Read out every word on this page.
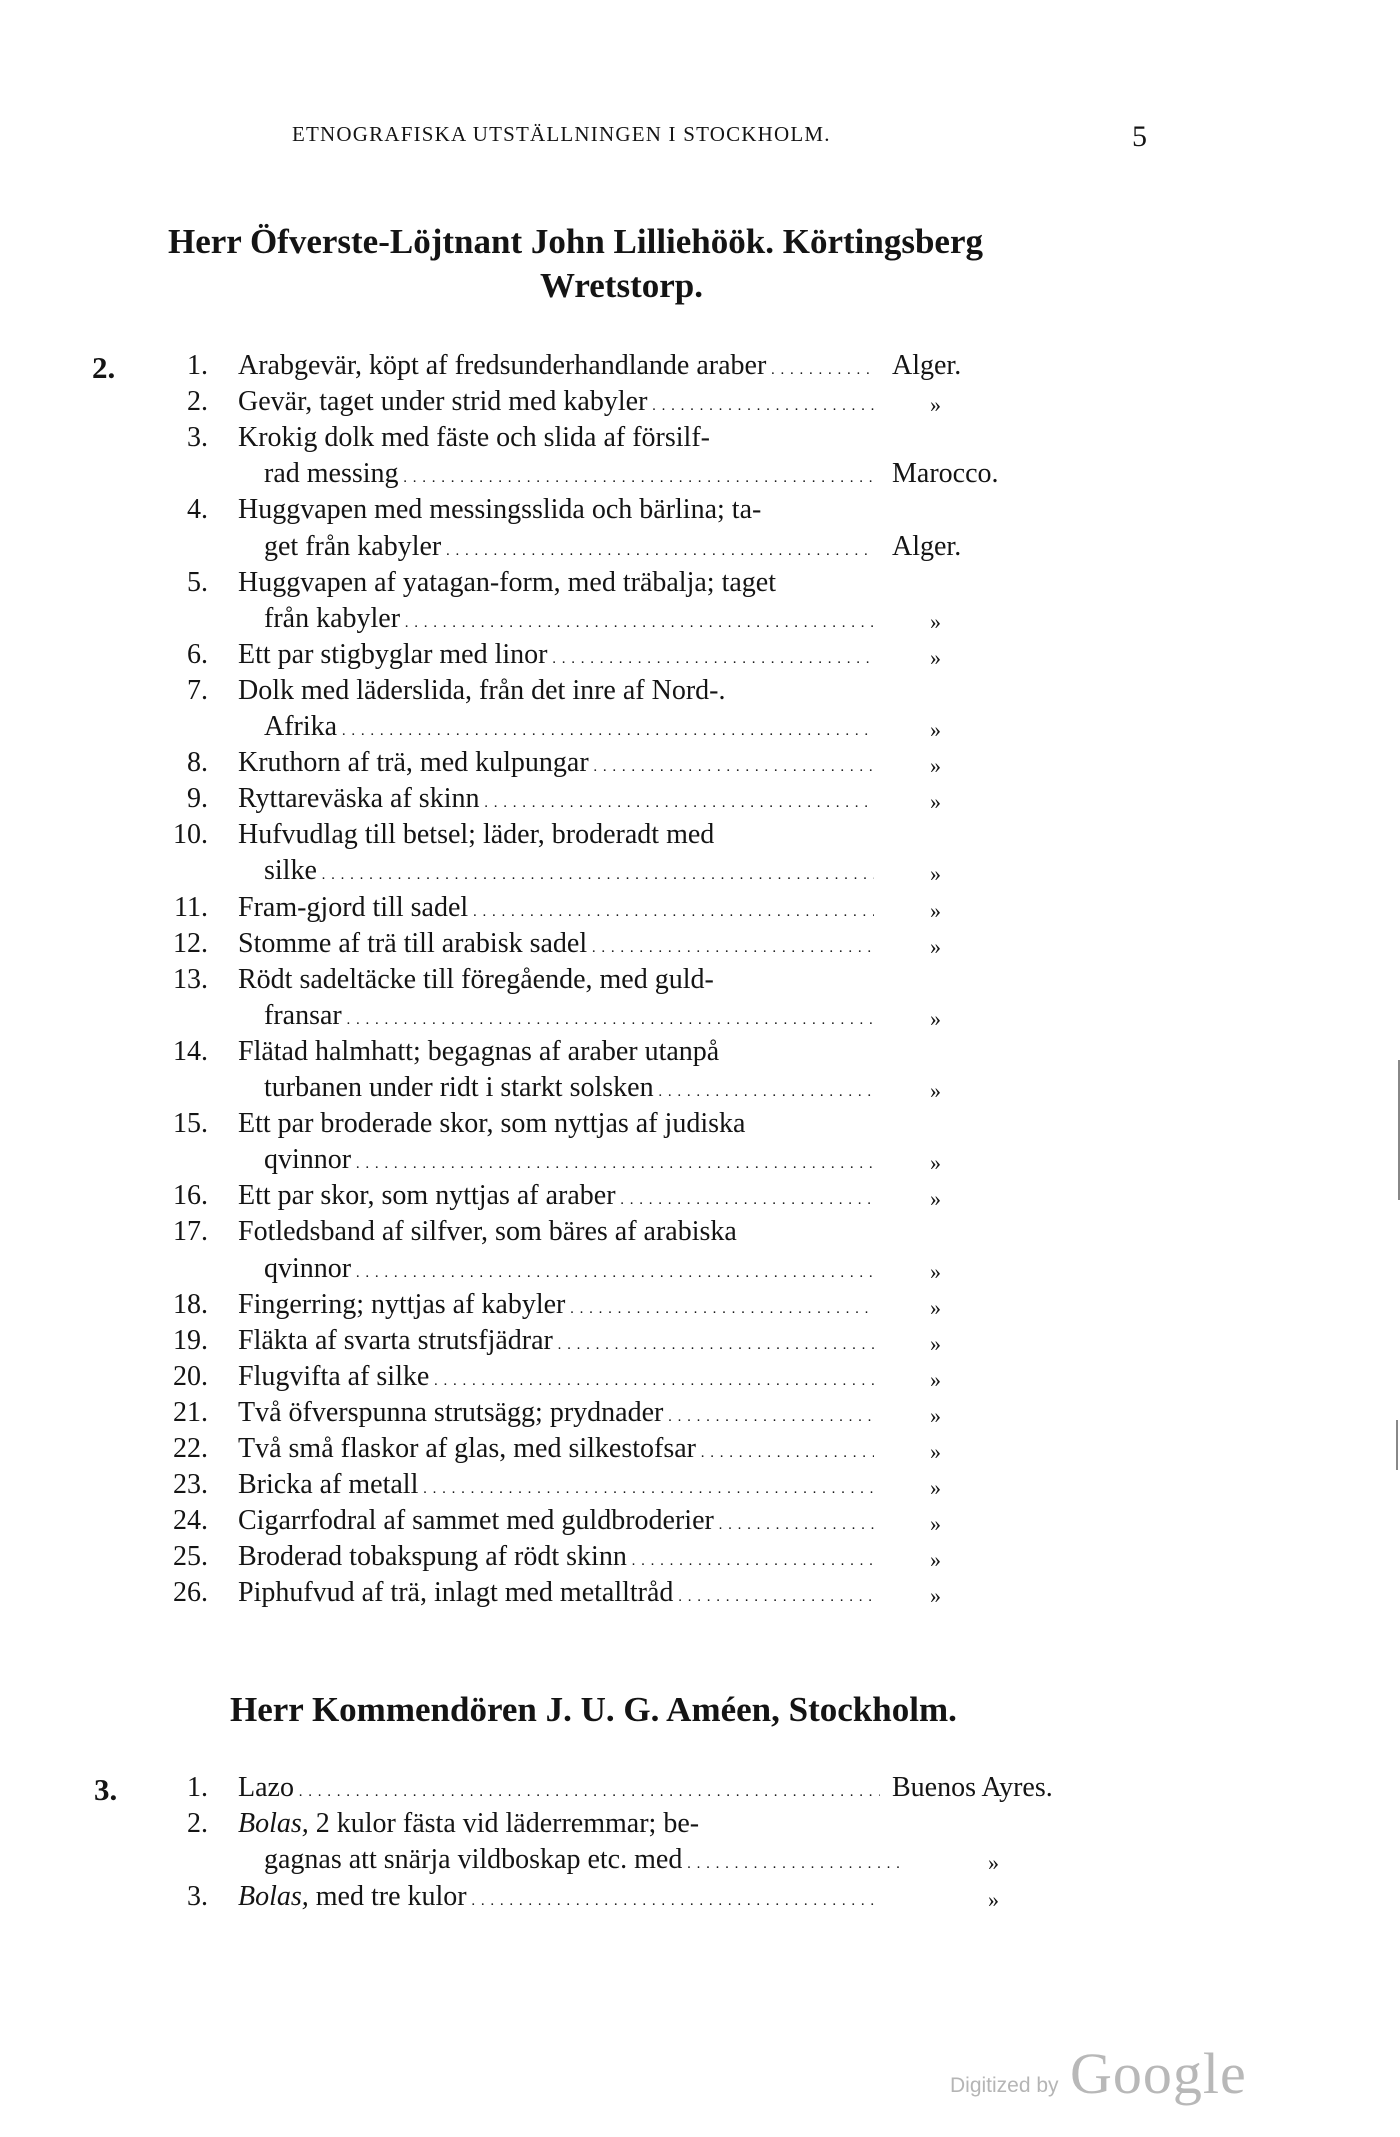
ETNOGRAFISKA UTSTÄLLNINGEN I STOCKHOLM.	5
Herr Öfverste-Löjtnant John Lilliehöök. Körtingsberg
Wretstorp.
2.	1. Arabgevär, köpt af fredsunderhandlande araber . . .	Alger.
2. Gevär, taget under strid med kabyler . . .	»
3. Krokig dolk med fäste och slida af försilf-
rad messing . . .	Marocco.
4. Huggvapen med messingsslida och bärlina; ta-
get från kabyler . . .	Alger.
5. Huggvapen af yatagan-form, med träbalja; taget
från kabyler . . .	»
6. Ett par stigbyglar med linor . . .	»
7. Dolk med läderslida, från det inre af Nord-.
Afrika . . .	»
8. Kruthorn af trä, med kulpungar . . .	»
9. Ryttareväska af skinn . . .	»
10. Hufvudlag till betsel; läder, broderadt med
silke . . .	»
11. Fram-gjord till sadel . . .	»
12. Stomme af trä till arabisk sadel . . .	»
13. Rödt sadeltäcke till föregående, med guld-
fransar . . .	»
14. Flätad halmhatt; begagnas af araber utanpå
turbanen under ridt i starkt solsken . . .	»
15. Ett par broderade skor, som nyttjas af judiska
qvinnor . . .	»
16. Ett par skor, som nyttjas af araber . . .	»
17. Fotledsband af silfver, som bäres af arabiska
qvinnor . . .	»
18. Fingerring; nyttjas af kabyler . . .	»
19. Fläkta af svarta strutsfjädrar . . .	»
20. Flugvifta af silke . . .	»
21. Två öfverspunna strutsägg; prydnader . . .	»
22. Två små flaskor af glas, med silkestofsar . . .	»
23. Bricka af metall . . .	»
24. Cigarrfodral af sammet med guldbroderier . . .	»
25. Broderad tobakspung af rödt skinn . . .	»
26. Piphufvud af trä, inlagt med metalltråd . . .	»
Herr Kommendören J. U. G. Améen, Stockholm.
3. 1. Lazo . . .	Buenos Ayres.
2. Bolas, 2 kulor fästa vid läderremmar; be-
gagnas att snärja vildboskap etc. med . . .	»
3. Bolas, med tre kulor . . .	»
Digitized by Google
